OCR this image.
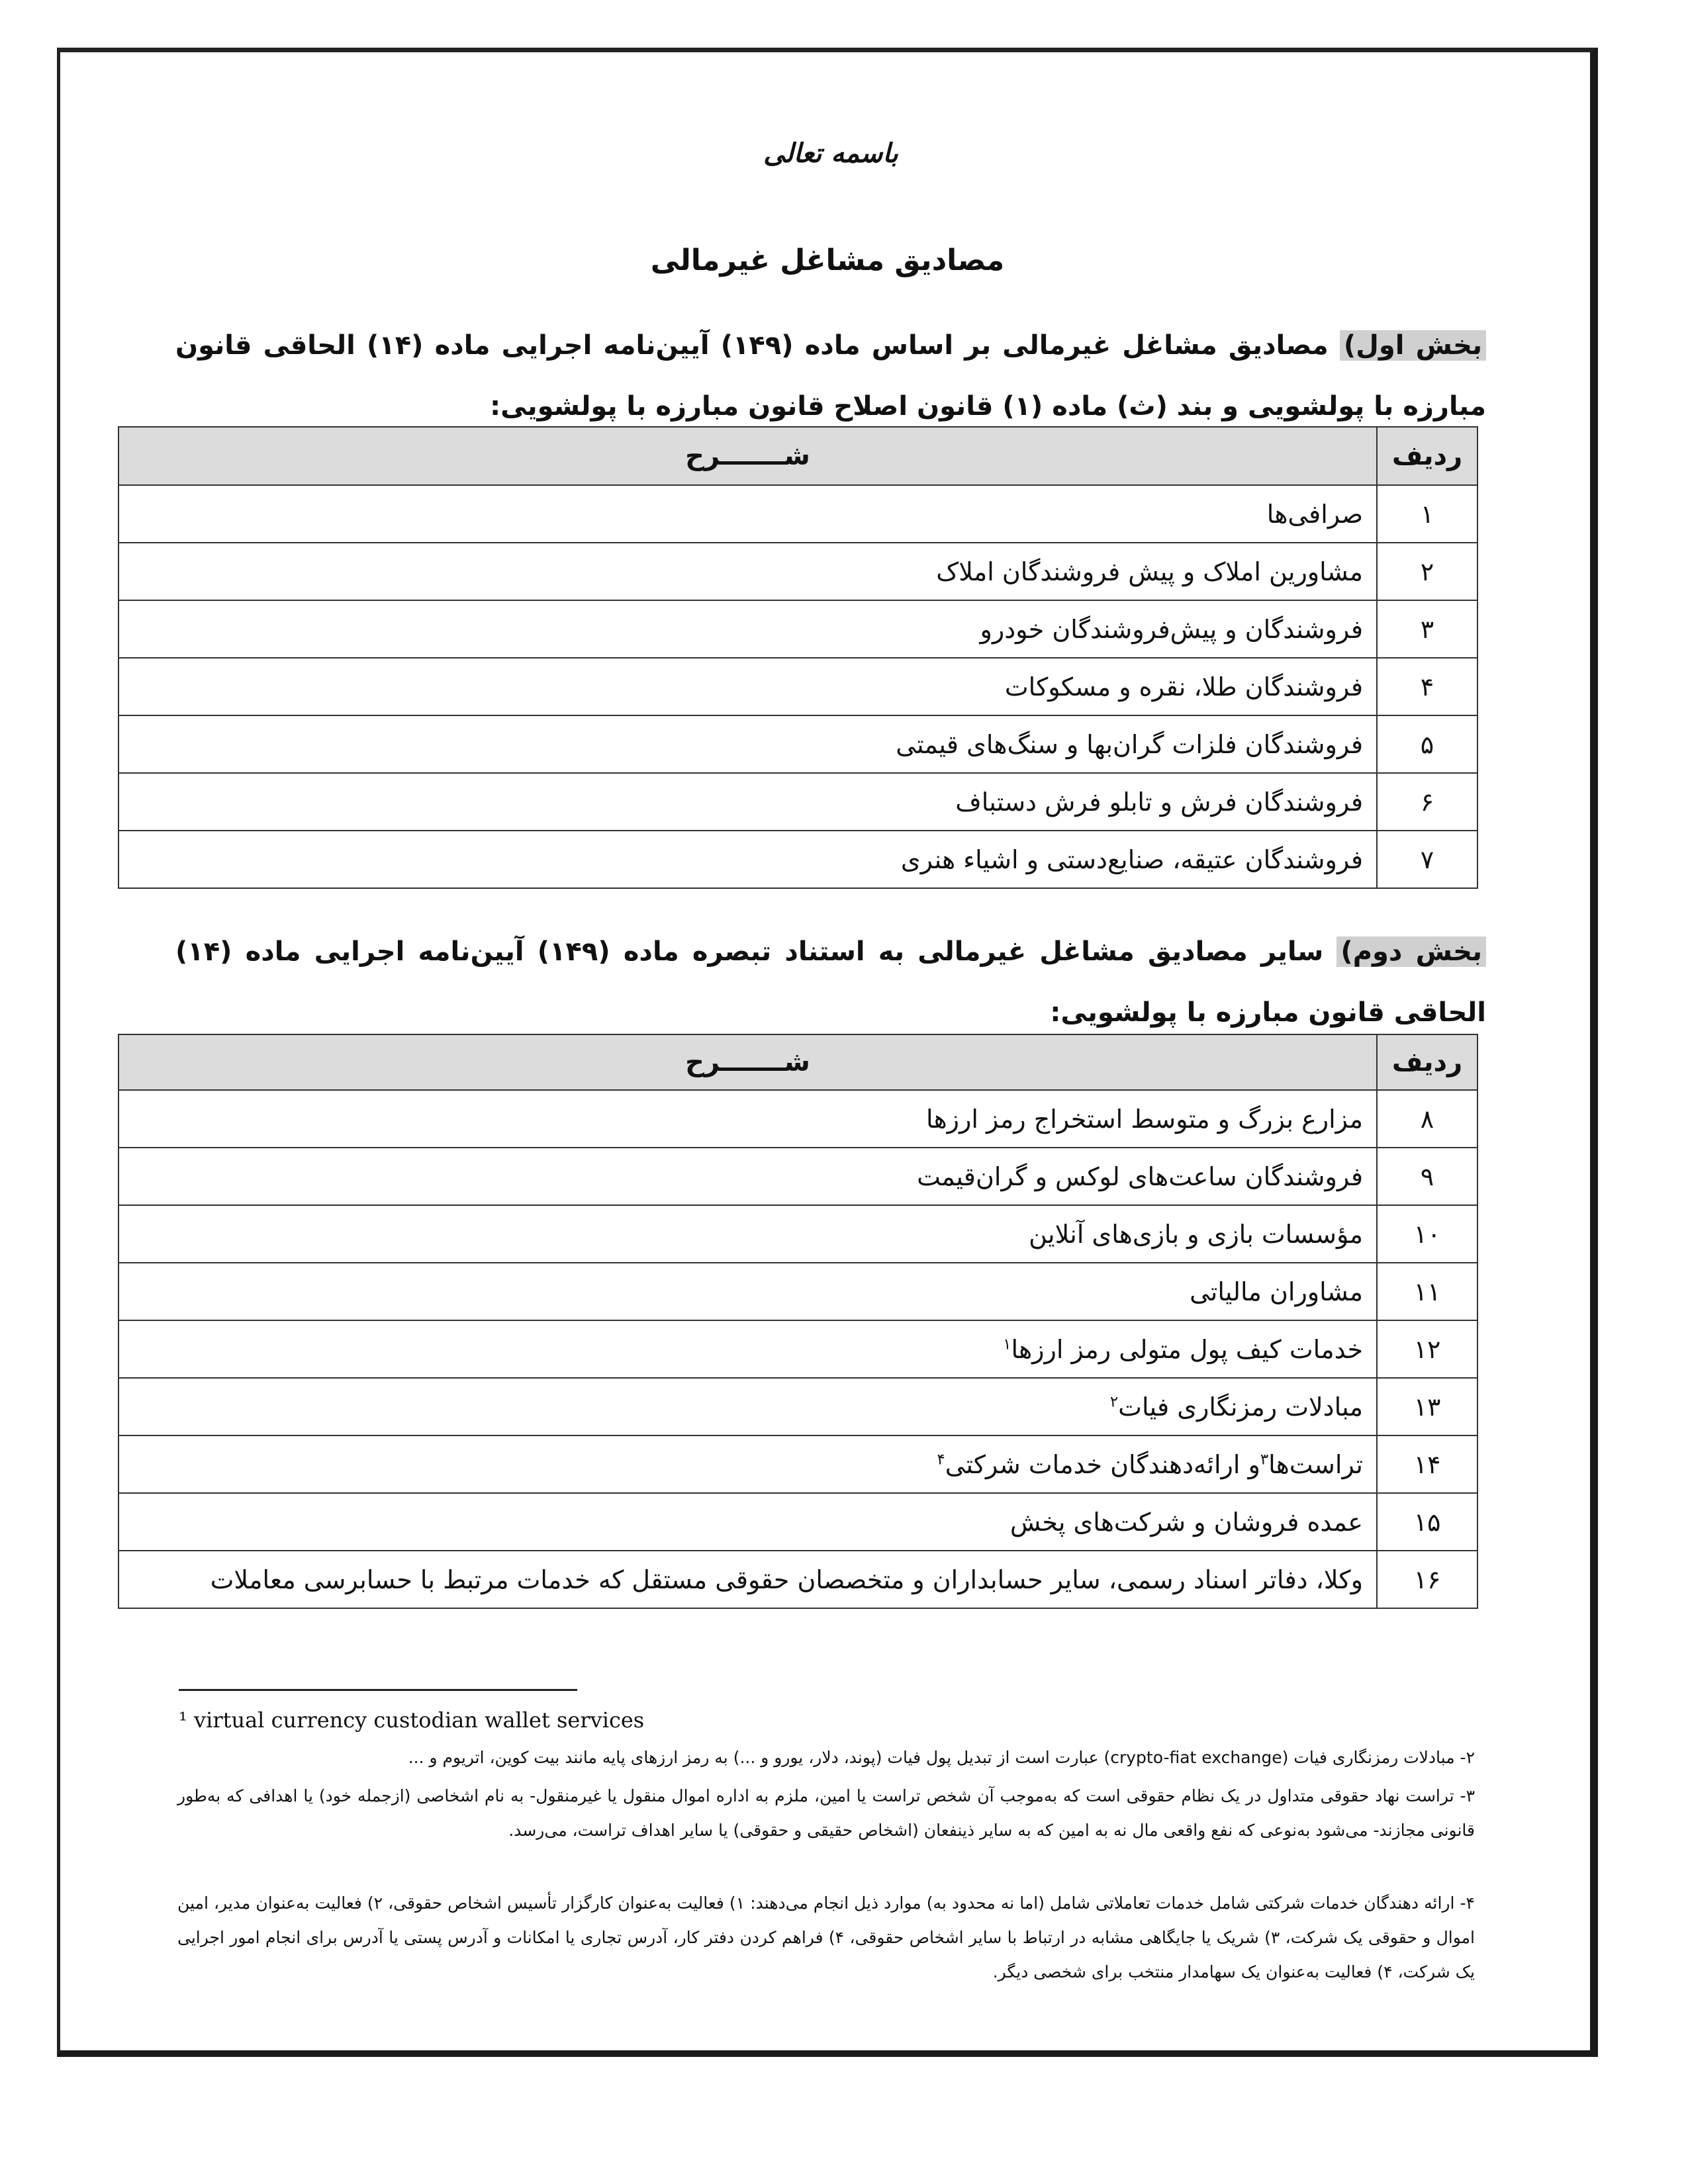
باسمه تعالی
مصادیق مشاغل غیرمالی
بخش اول) مصادیق مشاغل غیرمالی بر اساس ماده (۱۴۹) آیین‌نامه اجرایی ماده (۱۴) الحاقی قانون مبارزه با پولشویی و بند (ث) ماده (۱) قانون اصلاح قانون مبارزه با پولشویی:
ردیف	شـــــــرح
۱	صرافی‌ها
۲	مشاورین املاک و پیش فروشندگان املاک
۳	فروشندگان و پیش‌فروشندگان خودرو
۴	فروشندگان طلا، نقره و مسکوکات
۵	فروشندگان فلزات گران‌بها و سنگ‌های قیمتی
۶	فروشندگان فرش و تابلو فرش دستباف
۷	فروشندگان عتیقه، صنایع‌دستی و اشیاء هنری
بخش دوم) سایر مصادیق مشاغل غیرمالی به استناد تبصره ماده (۱۴۹) آیین‌نامه اجرایی ماده (۱۴) الحاقی قانون مبارزه با پولشویی:
ردیف	شـــــــرح
۸	مزارع بزرگ و متوسط استخراج رمز ارزها
۹	فروشندگان ساعت‌های لوکس و گران‌قیمت
۱۰	مؤسسات بازی و بازی‌های آنلاین
۱۱	مشاوران مالیاتی
۱۲	خدمات کیف پول متولی رمز ارزها$^۱$
۱۳	مبادلات رمزنگاری فیات$^۲$
۱۴	تراست‌ها$^۳$و ارائه‌دهندگان خدمات شرکتی$^۴$
۱۵	عمده فروشان و شرکت‌های پخش
۱۶	وکلا، دفاتر اسناد رسمی، سایر حسابداران و متخصصان حقوقی مستقل که خدمات مرتبط با حسابرسی معاملات
¹ virtual currency custodian wallet services
۲- مبادلات رمزنگاری فیات (crypto-fiat exchange) عبارت است از تبدیل پول فیات (پوند، دلار، یورو و ...) به رمز ارزهای پایه مانند بیت کوین، اتریوم و ...
۳- تراست نهاد حقوقی متداول در یک نظام حقوقی است که به‌موجب آن شخص تراست یا امین، ملزم به اداره اموال منقول یا غیرمنقول- به نام اشخاصی (ازجمله خود) یا اهدافی که به‌طور قانونی مجازند- می‌شود به‌نوعی که نفع واقعی مال نه به امین که به سایر ذینفعان (اشخاص حقیقی و حقوقی) یا سایر اهداف تراست، می‌رسد.
۴- ارائه دهندگان خدمات شرکتی شامل خدمات تعاملاتی شامل (اما نه محدود به) موارد ذیل انجام می‌دهند: ۱) فعالیت به‌عنوان کارگزار تأسیس اشخاص حقوقی، ۲) فعالیت به‌عنوان مدیر، امین اموال و حقوقی یک شرکت، ۳) شریک یا جایگاهی مشابه در ارتباط با سایر اشخاص حقوقی، ۴) فراهم کردن دفتر کار، آدرس تجاری یا امکانات و آدرس پستی یا آدرس برای انجام امور اجرایی یک شرکت، ۴) فعالیت به‌عنوان یک سهامدار منتخب برای شخصی دیگر.
